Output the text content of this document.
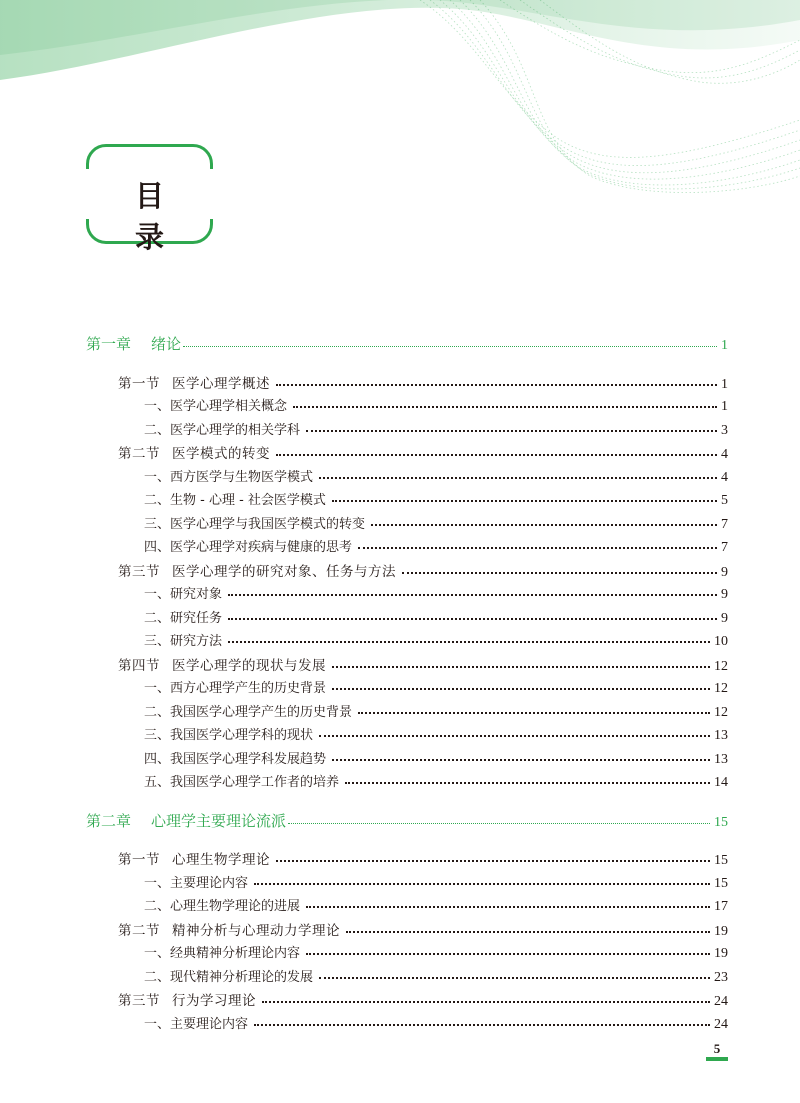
目 录
第一章 绪论	1
第一节 医学心理学概述	1
一、医学心理学相关概念	1
二、医学心理学的相关学科	3
第二节 医学模式的转变	4
一、西方医学与生物医学模式	4
二、生物 - 心理 - 社会医学模式	5
三、医学心理学与我国医学模式的转变	7
四、医学心理学对疾病与健康的思考	7
第三节 医学心理学的研究对象、任务与方法	9
一、研究对象	9
二、研究任务	9
三、研究方法	10
第四节 医学心理学的现状与发展	12
一、西方心理学产生的历史背景	12
二、我国医学心理学产生的历史背景	12
三、我国医学心理学科的现状	13
四、我国医学心理学科发展趋势	13
五、我国医学心理学工作者的培养	14
第二章 心理学主要理论流派	15
第一节 心理生物学理论	15
一、主要理论内容	15
二、心理生物学理论的进展	17
第二节 精神分析与心理动力学理论	19
一、经典精神分析理论内容	19
二、现代精神分析理论的发展	23
第三节 行为学习理论	24
一、主要理论内容	24
5
